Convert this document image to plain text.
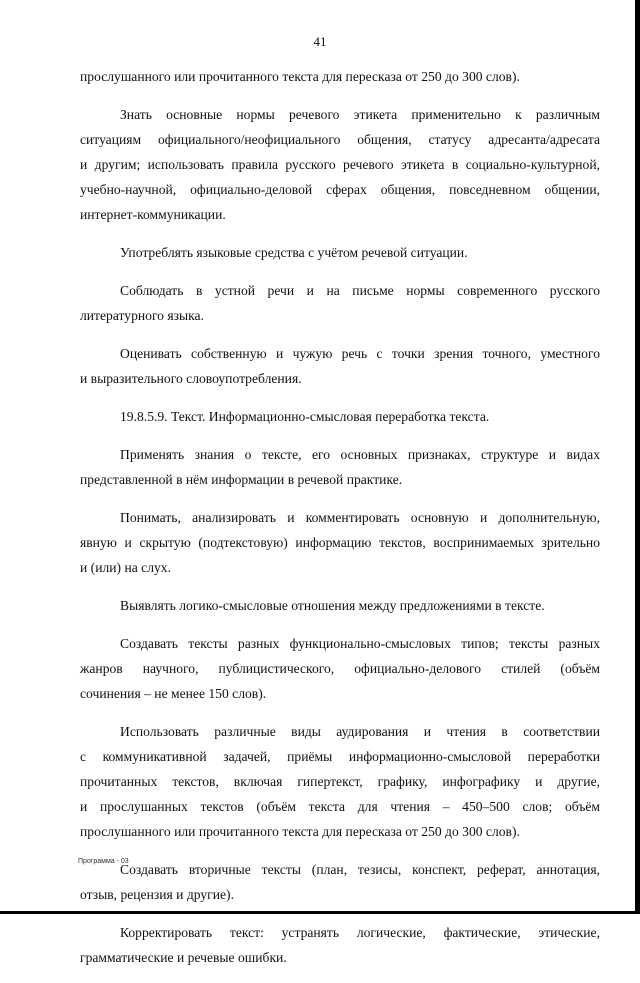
41

прослушанного или прочитанного текста для пересказа от 250 до 300 слов).

Знать основные нормы речевого этикета применительно к различным
ситуациям официального/неофициального общения, статусу адресанта/адресата
и другим; использовать правила русского речевого этикета в социально-культурной,
учебно-научной, официально-деловой сферах общения, повседневном общении,
интернет-коммуникации.

Употреблять языковые средства с учётом речевой ситуации.

Соблюдать в устной речи и на письме нормы современного русского
литературного языка.

Оценивать собственную и чужую речь с точки зрения точного, уместного
и выразительного словоупотребления.

19.8.5.9. Текст. Информационно-смысловая переработка текста.

Применять знания о тексте, его основных признаках, структуре и видах
представленной в нём информации в речевой практике.

Понимать, анализировать и комментировать основную и дополнительную,
явную и скрытую (подтекстовую) информацию текстов, воспринимаемых зрительно
и (или) на слух.

Выявлять логико-смысловые отношения между предложениями в тексте.

Создавать тексты разных функционально-смысловых типов; тексты разных
жанров научного, публицистического, официально-делового стилей (объём
сочинения – не менее 150 слов).

Использовать различные виды аудирования и чтения в соответствии
с коммуникативной задачей, приёмы информационно-смысловой переработки
прочитанных текстов, включая гипертекст, графику, инфографику и другие,
и прослушанных текстов (объём текста для чтения – 450–500 слов; объём
прослушанного или прочитанного текста для пересказа от 250 до 300 слов).

Создавать вторичные тексты (план, тезисы, конспект, реферат, аннотация,
отзыв, рецензия и другие).

Корректировать текст: устранять логические, фактические, этические,
грамматические и речевые ошибки.

Программа - 03
